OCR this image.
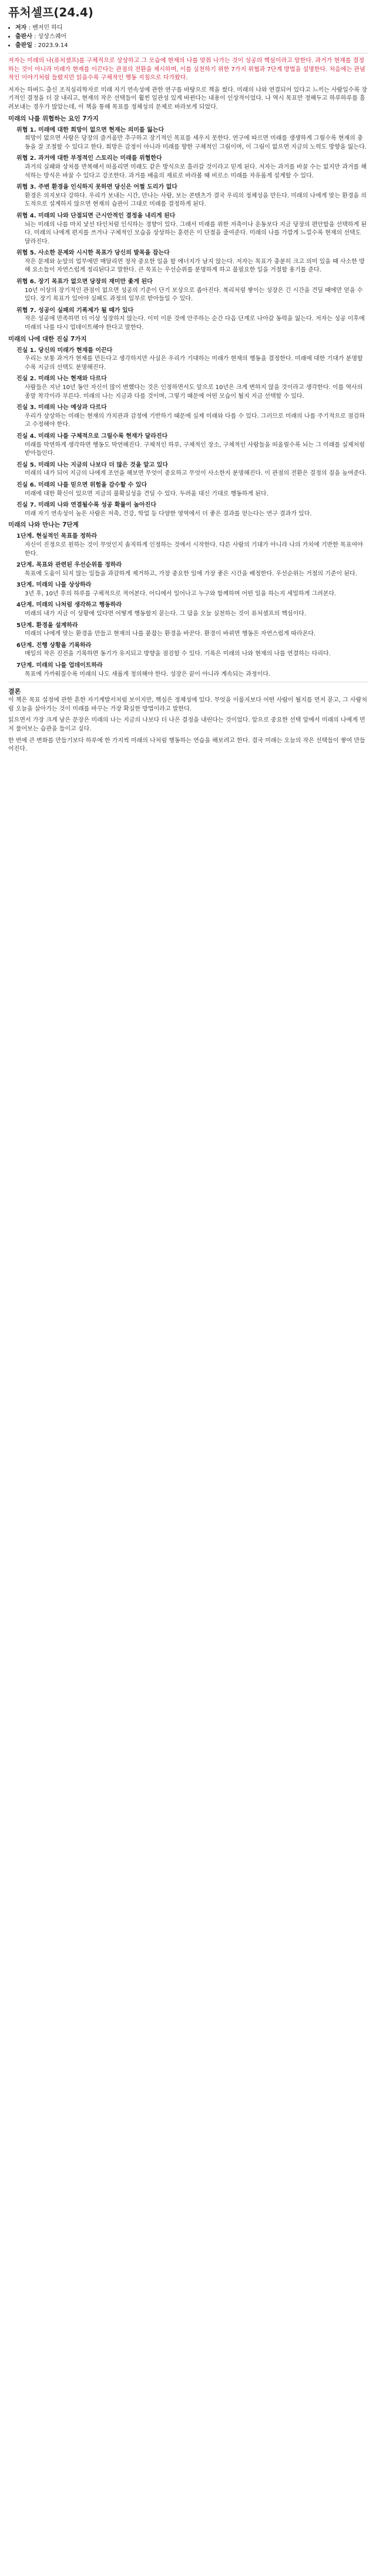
퓨처셀프(24.4)
• 저자 : 벤저민 하디
• 출판사 : 상상스퀘어
• 출판일 : 2023.9.14

저자는 미래의 나(퓨처셀프)를 구체적으로 상상하고 그 모습에 현재의 나를 맞춰 나가는 것이 성공의 핵심이라고 말한다. 과거가 현재를 결정하는 것이 아니라 미래가 현재를 이끈다는 관점의 전환을 제시하며, 이를 실천하기 위한 7가지 위협과 7단계 방법을 설명한다. 처음에는 관념적인 이야기처럼 들렸지만 읽을수록 구체적인 행동 지침으로 다가왔다.

저자는 하버드 출신 조직심리학자로 미래 자기 연속성에 관한 연구를 바탕으로 책을 썼다. 미래의 나와 연결되어 있다고 느끼는 사람일수록 장기적인 결정을 더 잘 내리고, 현재의 작은 선택들이 훨씬 일관성 있게 바뀐다는 내용이 인상적이었다. 나 역시 목표만 정해두고 하루하루를 흘려보내는 경우가 많았는데, 이 책을 통해 목표를 정체성의 문제로 바라보게 되었다.

미래의 나를 위협하는 요인 7가지

위협 1. 미래에 대한 희망이 없으면 현재는 의미를 잃는다

희망이 없으면 사람은 당장의 즐거움만 추구하고 장기적인 목표를 세우지 못한다. 연구에 따르면 미래를 생생하게 그릴수록 현재의 충동을 잘 조절할 수 있다고 한다. 희망은 감정이 아니라 미래를 향한 구체적인 그림이며, 이 그림이 없으면 지금의 노력도 방향을 잃는다.

위협 2. 과거에 대한 부정적인 스토리는 미래를 위협한다

과거의 실패와 상처를 반복해서 떠올리면 미래도 같은 방식으로 흘러갈 것이라고 믿게 된다. 저자는 과거를 바꿀 수는 없지만 과거를 해석하는 방식은 바꿀 수 있다고 강조한다. 과거를 배움의 재료로 바라볼 때 비로소 미래를 자유롭게 설계할 수 있다.

위협 3. 주변 환경을 인식하지 못하면 당신은 어쩔 도리가 없다

환경은 의지보다 강하다. 우리가 보내는 시간, 만나는 사람, 보는 콘텐츠가 결국 우리의 정체성을 만든다. 미래의 나에게 맞는 환경을 의도적으로 설계하지 않으면 현재의 습관이 그대로 미래를 결정하게 된다.

위협 4. 미래의 나와 단절되면 근시안적인 결정을 내리게 된다

뇌는 미래의 나를 마치 낯선 타인처럼 인식하는 경향이 있다. 그래서 미래를 위한 저축이나 운동보다 지금 당장의 편안함을 선택하게 된다. 미래의 나에게 편지를 쓰거나 구체적인 모습을 상상하는 훈련은 이 단절을 줄여준다. 미래의 나를 가깝게 느낄수록 현재의 선택도 달라진다.

위협 5. 사소한 문제와 시시한 목표가 당신의 발목을 잡는다

작은 문제와 눈앞의 업무에만 매달리면 정작 중요한 일을 할 에너지가 남지 않는다. 저자는 목표가 충분히 크고 의미 있을 때 사소한 방해 요소들이 자연스럽게 정리된다고 말한다. 큰 목표는 우선순위를 분명하게 하고 불필요한 일을 거절할 용기를 준다.

위협 6. 장기 목표가 없으면 당장의 재미만 좇게 된다

10년 이상의 장기적인 관점이 없으면 성공의 기준이 단기 보상으로 좁아진다. 복리처럼 쌓이는 성장은 긴 시간을 견딜 때에만 얻을 수 있다. 장기 목표가 있어야 실패도 과정의 일부로 받아들일 수 있다.

위협 7. 성공이 실패의 기폭제가 될 때가 있다

작은 성공에 만족하면 더 이상 성장하지 않는다. 이미 이룬 것에 안주하는 순간 다음 단계로 나아갈 동력을 잃는다. 저자는 성공 이후에 미래의 나를 다시 업데이트해야 한다고 말한다.

미래의 나에 대한 진실 7가지

진실 1. 당신의 미래가 현재를 이끈다

우리는 보통 과거가 현재를 만든다고 생각하지만 사실은 우리가 기대하는 미래가 현재의 행동을 결정한다. 미래에 대한 기대가 분명할수록 지금의 선택도 분명해진다.

진실 2. 미래의 나는 현재와 다르다

사람들은 지난 10년 동안 자신이 많이 변했다는 것은 인정하면서도 앞으로 10년은 크게 변하지 않을 것이라고 생각한다. 이를 역사의 종말 착각이라 부른다. 미래의 나는 지금과 다를 것이며, 그렇기 때문에 어떤 모습이 될지 지금 선택할 수 있다.

진실 3. 미래의 나는 예상과 다르다

우리가 상상하는 미래는 현재의 가치관과 감정에 기반하기 때문에 실제 미래와 다를 수 있다. 그러므로 미래의 나를 주기적으로 점검하고 수정해야 한다.

진실 4. 미래의 나를 구체적으로 그릴수록 현재가 달라진다

미래를 막연하게 생각하면 행동도 막연해진다. 구체적인 하루, 구체적인 장소, 구체적인 사람들을 떠올릴수록 뇌는 그 미래를 실제처럼 받아들인다.

진실 5. 미래의 나는 지금의 나보다 더 많은 것을 알고 있다

미래의 내가 되어 지금의 나에게 조언을 해보면 무엇이 중요하고 무엇이 사소한지 분명해진다. 이 관점의 전환은 결정의 질을 높여준다.

진실 6. 미래의 나를 믿으면 위험을 감수할 수 있다

미래에 대한 확신이 있으면 지금의 불확실성을 견딜 수 있다. 두려움 대신 기대로 행동하게 된다.

진실 7. 미래의 나와 연결될수록 성공 확률이 높아진다

미래 자기 연속성이 높은 사람은 저축, 건강, 학업 등 다양한 영역에서 더 좋은 결과를 얻는다는 연구 결과가 있다.

미래의 나와 만나는 7단계

1단계. 현실적인 목표를 정하라

자신이 진정으로 원하는 것이 무엇인지 솔직하게 인정하는 것에서 시작한다. 다른 사람의 기대가 아니라 나의 가치에 기반한 목표여야 한다.

2단계. 목표와 관련된 우선순위를 정하라

목표에 도움이 되지 않는 일들을 과감하게 제거하고, 가장 중요한 일에 가장 좋은 시간을 배정한다. 우선순위는 거절의 기준이 된다.

3단계. 미래의 나를 상상하라

3년 후, 10년 후의 하루를 구체적으로 적어본다. 어디에서 일어나고 누구와 함께하며 어떤 일을 하는지 세밀하게 그려본다.

4단계. 미래의 나처럼 생각하고 행동하라

미래의 내가 지금 이 상황에 있다면 어떻게 행동할지 묻는다. 그 답을 오늘 실천하는 것이 퓨처셀프의 핵심이다.

5단계. 환경을 설계하라

미래의 나에게 맞는 환경을 만들고 현재의 나를 붙잡는 환경을 바꾼다. 환경이 바뀌면 행동은 자연스럽게 따라온다.

6단계. 진행 상황을 기록하라

매일의 작은 진전을 기록하면 동기가 유지되고 방향을 점검할 수 있다. 기록은 미래의 나와 현재의 나를 연결하는 다리다.

7단계. 미래의 나를 업데이트하라

목표에 가까워질수록 미래의 나도 새롭게 정의해야 한다. 성장은 끝이 아니라 계속되는 과정이다.

결론

이 책은 목표 설정에 관한 흔한 자기계발서처럼 보이지만, 핵심은 정체성에 있다. 무엇을 이룰지보다 어떤 사람이 될지를 먼저 묻고, 그 사람처럼 오늘을 살아가는 것이 미래를 바꾸는 가장 확실한 방법이라고 말한다.

읽으면서 가장 크게 남은 문장은 미래의 나는 지금의 나보다 더 나은 결정을 내린다는 것이었다. 앞으로 중요한 선택 앞에서 미래의 나에게 먼저 물어보는 습관을 들이고 싶다.

한 번에 큰 변화를 만들기보다 하루에 한 가지씩 미래의 나처럼 행동하는 연습을 해보려고 한다. 결국 미래는 오늘의 작은 선택들이 쌓여 만들어진다.
